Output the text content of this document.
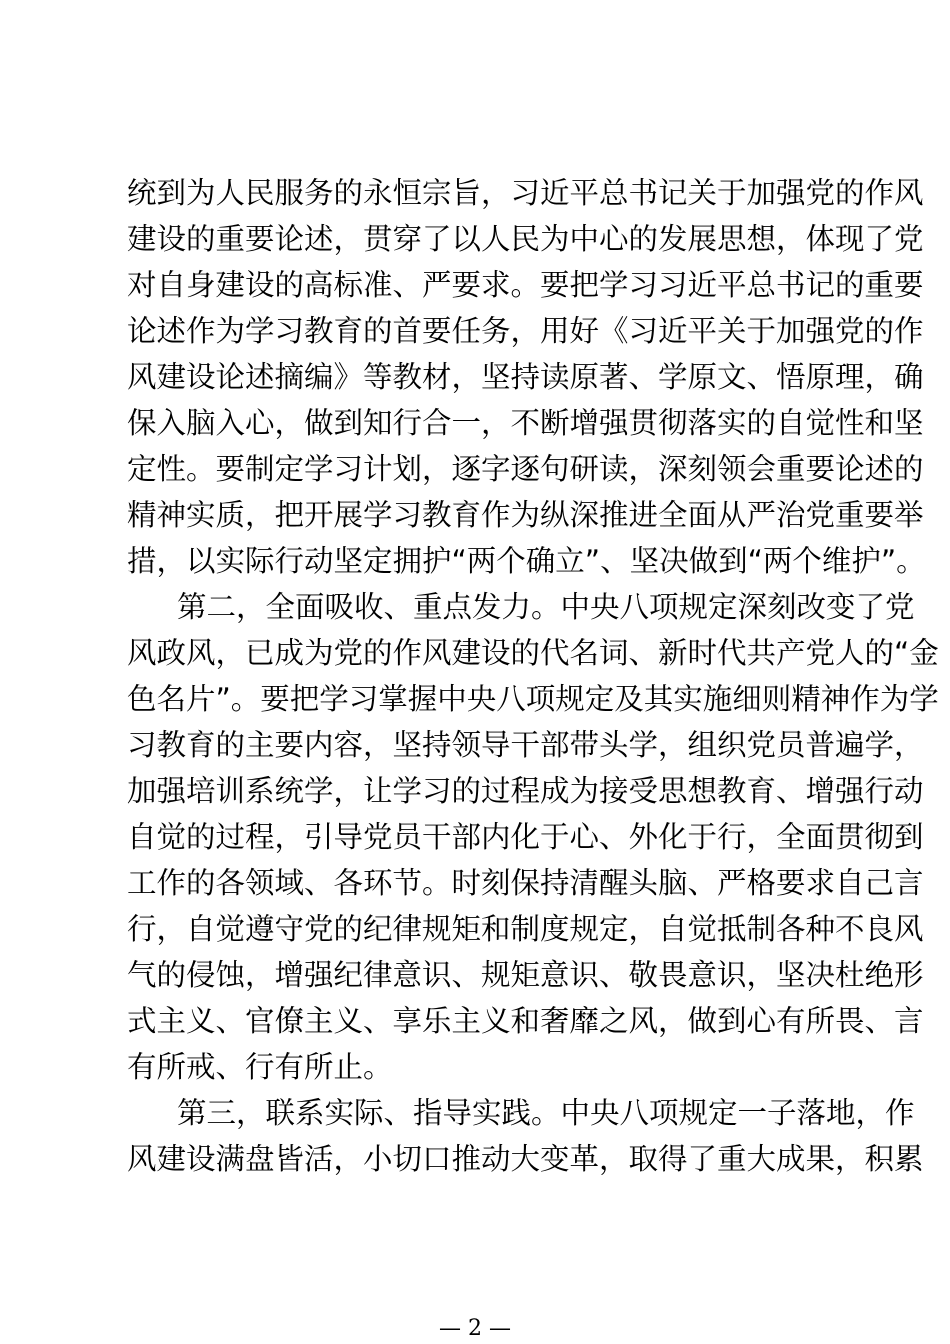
统到为人民服务的永恒宗旨，习近平总书记关于加强党的作风
建设的重要论述，贯穿了以人民为中心的发展思想，体现了党
对自身建设的高标准、严要求。要把学习习近平总书记的重要
论述作为学习教育的首要任务，用好《习近平关于加强党的作
风建设论述摘编》等教材，坚持读原著、学原文、悟原理，确
保入脑入心，做到知行合一，不断增强贯彻落实的自觉性和坚
定性。要制定学习计划，逐字逐句研读，深刻领会重要论述的
精神实质，把开展学习教育作为纵深推进全面从严治党重要举
措，以实际行动坚定拥护“两个确立”、坚决做到“两个维护”。
第二，全面吸收、重点发力。中央八项规定深刻改变了党
风政风，已成为党的作风建设的代名词、新时代共产党人的“金
色名片”。要把学习掌握中央八项规定及其实施细则精神作为学
习教育的主要内容，坚持领导干部带头学，组织党员普遍学，
加强培训系统学，让学习的过程成为接受思想教育、增强行动
自觉的过程，引导党员干部内化于心、外化于行，全面贯彻到
工作的各领域、各环节。时刻保持清醒头脑、严格要求自己言
行，自觉遵守党的纪律规矩和制度规定，自觉抵制各种不良风
气的侵蚀，增强纪律意识、规矩意识、敬畏意识，坚决杜绝形
式主义、官僚主义、享乐主义和奢靡之风，做到心有所畏、言
有所戒、行有所止。
第三，联系实际、指导实践。中央八项规定一子落地，作
风建设满盘皆活，小切口推动大变革，取得了重大成果，积累
— 2 —
